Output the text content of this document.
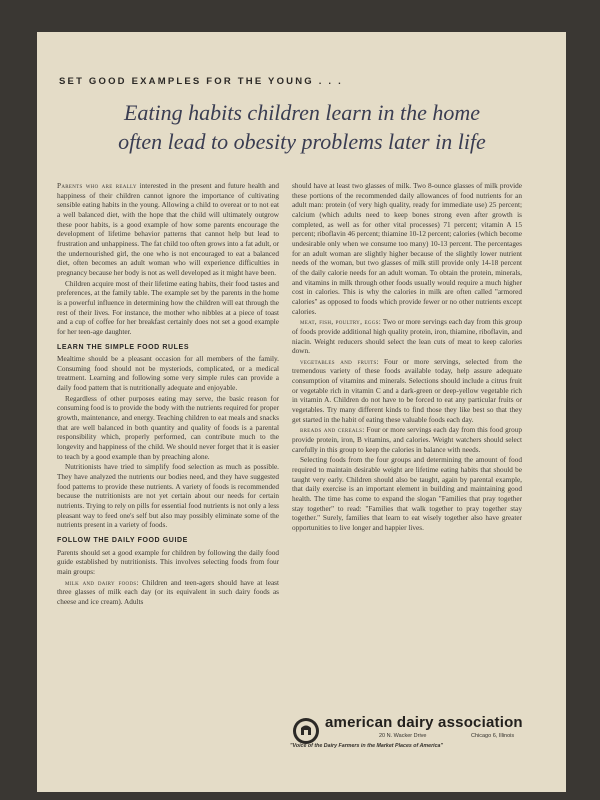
SET GOOD EXAMPLES FOR THE YOUNG . . .
Eating habits children learn in the home
often lead to obesity problems later in life

Parents who are really interested in the present and future health and happiness of their children cannot ignore the importance of cultivating sensible eating habits in the young. Allowing a child to overeat or to not eat a well balanced diet, with the hope that the child will ultimately outgrow these poor habits, is a good example of how some parents encourage the development of lifetime behavior patterns that cannot help but lead to frustration and unhappiness. The fat child too often grows into a fat adult, or the undernourished girl, the one who is not encouraged to eat a balanced diet, often becomes an adult woman who will experience difficulties in pregnancy because her body is not as well developed as it might have been.

Children acquire most of their lifetime eating habits, their food tastes and preferences, at the family table. The example set by the parents in the home is a powerful influence in determining how the children will eat through the rest of their lives. For instance, the mother who nibbles at a piece of toast and a cup of coffee for her breakfast certainly does not set a good example for her teen-age daughter.

LEARN THE SIMPLE FOOD RULES

Mealtime should be a pleasant occasion for all members of the family. Consuming food should not be mysteriods, complicated, or a medical treatment. Learning and following some very simple rules can provide a daily food pattern that is nutritionally adequate and enjoyable.

Regardless of other purposes eating may serve, the basic reason for consuming food is to provide the body with the nutrients required for proper growth, maintenance, and energy. Teaching children to eat meals and snacks that are well balanced in both quantity and quality of foods is a parental responsibility which, properly performed, can contribute much to the longevity and happiness of the child. We should never forget that it is easier to teach by a good example than by preaching alone.

Nutritionists have tried to simplify food selection as much as possible. They have analyzed the nutrients our bodies need, and they have suggested food patterns to provide these nutrients. A variety of foods is recommended because the nutritionists are not yet certain about our needs for certain nutrients. Trying to rely on pills for essential food nutrients is not only a less pleasant way to feed one's self but also may possibly eliminate some of the nutrients present in a variety of foods.

FOLLOW THE DAILY FOOD GUIDE

Parents should set a good example for children by following the daily food guide established by nutritionists. This involves selecting foods from four main groups:

milk and dairy foods: Children and teen-agers should have at least three glasses of milk each day (or its equivalent in such dairy foods as cheese and ice cream). Adults

should have at least two glasses of milk. Two 8-ounce glasses of milk provide these portions of the recommended daily allowances of food nutrients for an adult man: protein (of very high quality, ready for immediate use) 25 percent; calcium (which adults need to keep bones strong even after growth is completed, as well as for other vital processes) 71 percent; vitamin A 15 percent; riboflavin 46 percent; thiamine 10-12 percent; calories (which become undesirable only when we consume too many) 10-13 percent. The percentages for an adult woman are slightly higher because of the slightly lower nutrient needs of the woman, but two glasses of milk still provide only 14-18 percent of the daily calorie needs for an adult woman. To obtain the protein, minerals, and vitamins in milk through other foods usually would require a much higher cost in calories. This is why the calories in milk are often called "armored calories" as opposed to foods which provide fewer or no other nutrients except calories.

meat, fish, poultry, eggs: Two or more servings each day from this group of foods provide additional high quality protein, iron, thiamine, riboflavin, and niacin. Weight reducers should select the lean cuts of meat to keep calories down.

vegetables and fruits: Four or more servings, selected from the tremendous variety of these foods available today, help assure adequate consumption of vitamins and minerals. Selections should include a citrus fruit or vegetable rich in vitamin C and a dark-green or deep-yellow vegetable rich in vitamin A. Children do not have to be forced to eat any particular fruits or vegetables. Try many different kinds to find those they like best so that they get started in the habit of eating these valuable foods each day.

breads and cereals: Four or more servings each day from this food group provide protein, iron, B vitamins, and calories. Weight watchers should select carefully in this group to keep the calories in balance with needs.

Selecting foods from the four groups and determining the amount of food required to maintain desirable weight are lifetime eating habits that should be taught very early. Children should also be taught, again by parental example, that daily exercise is an important element in building and maintaining good health. The time has come to expand the slogan "Families that pray together stay together" to read: "Families that walk together to pray together stay together." Surely, families that learn to eat wisely together also have greater opportunities to live longer and happier lives.

american dairy association
20 N. Wacker Drive	Chicago 6, Illinois
"Voice of the Dairy Farmers in the Market Places of America"
